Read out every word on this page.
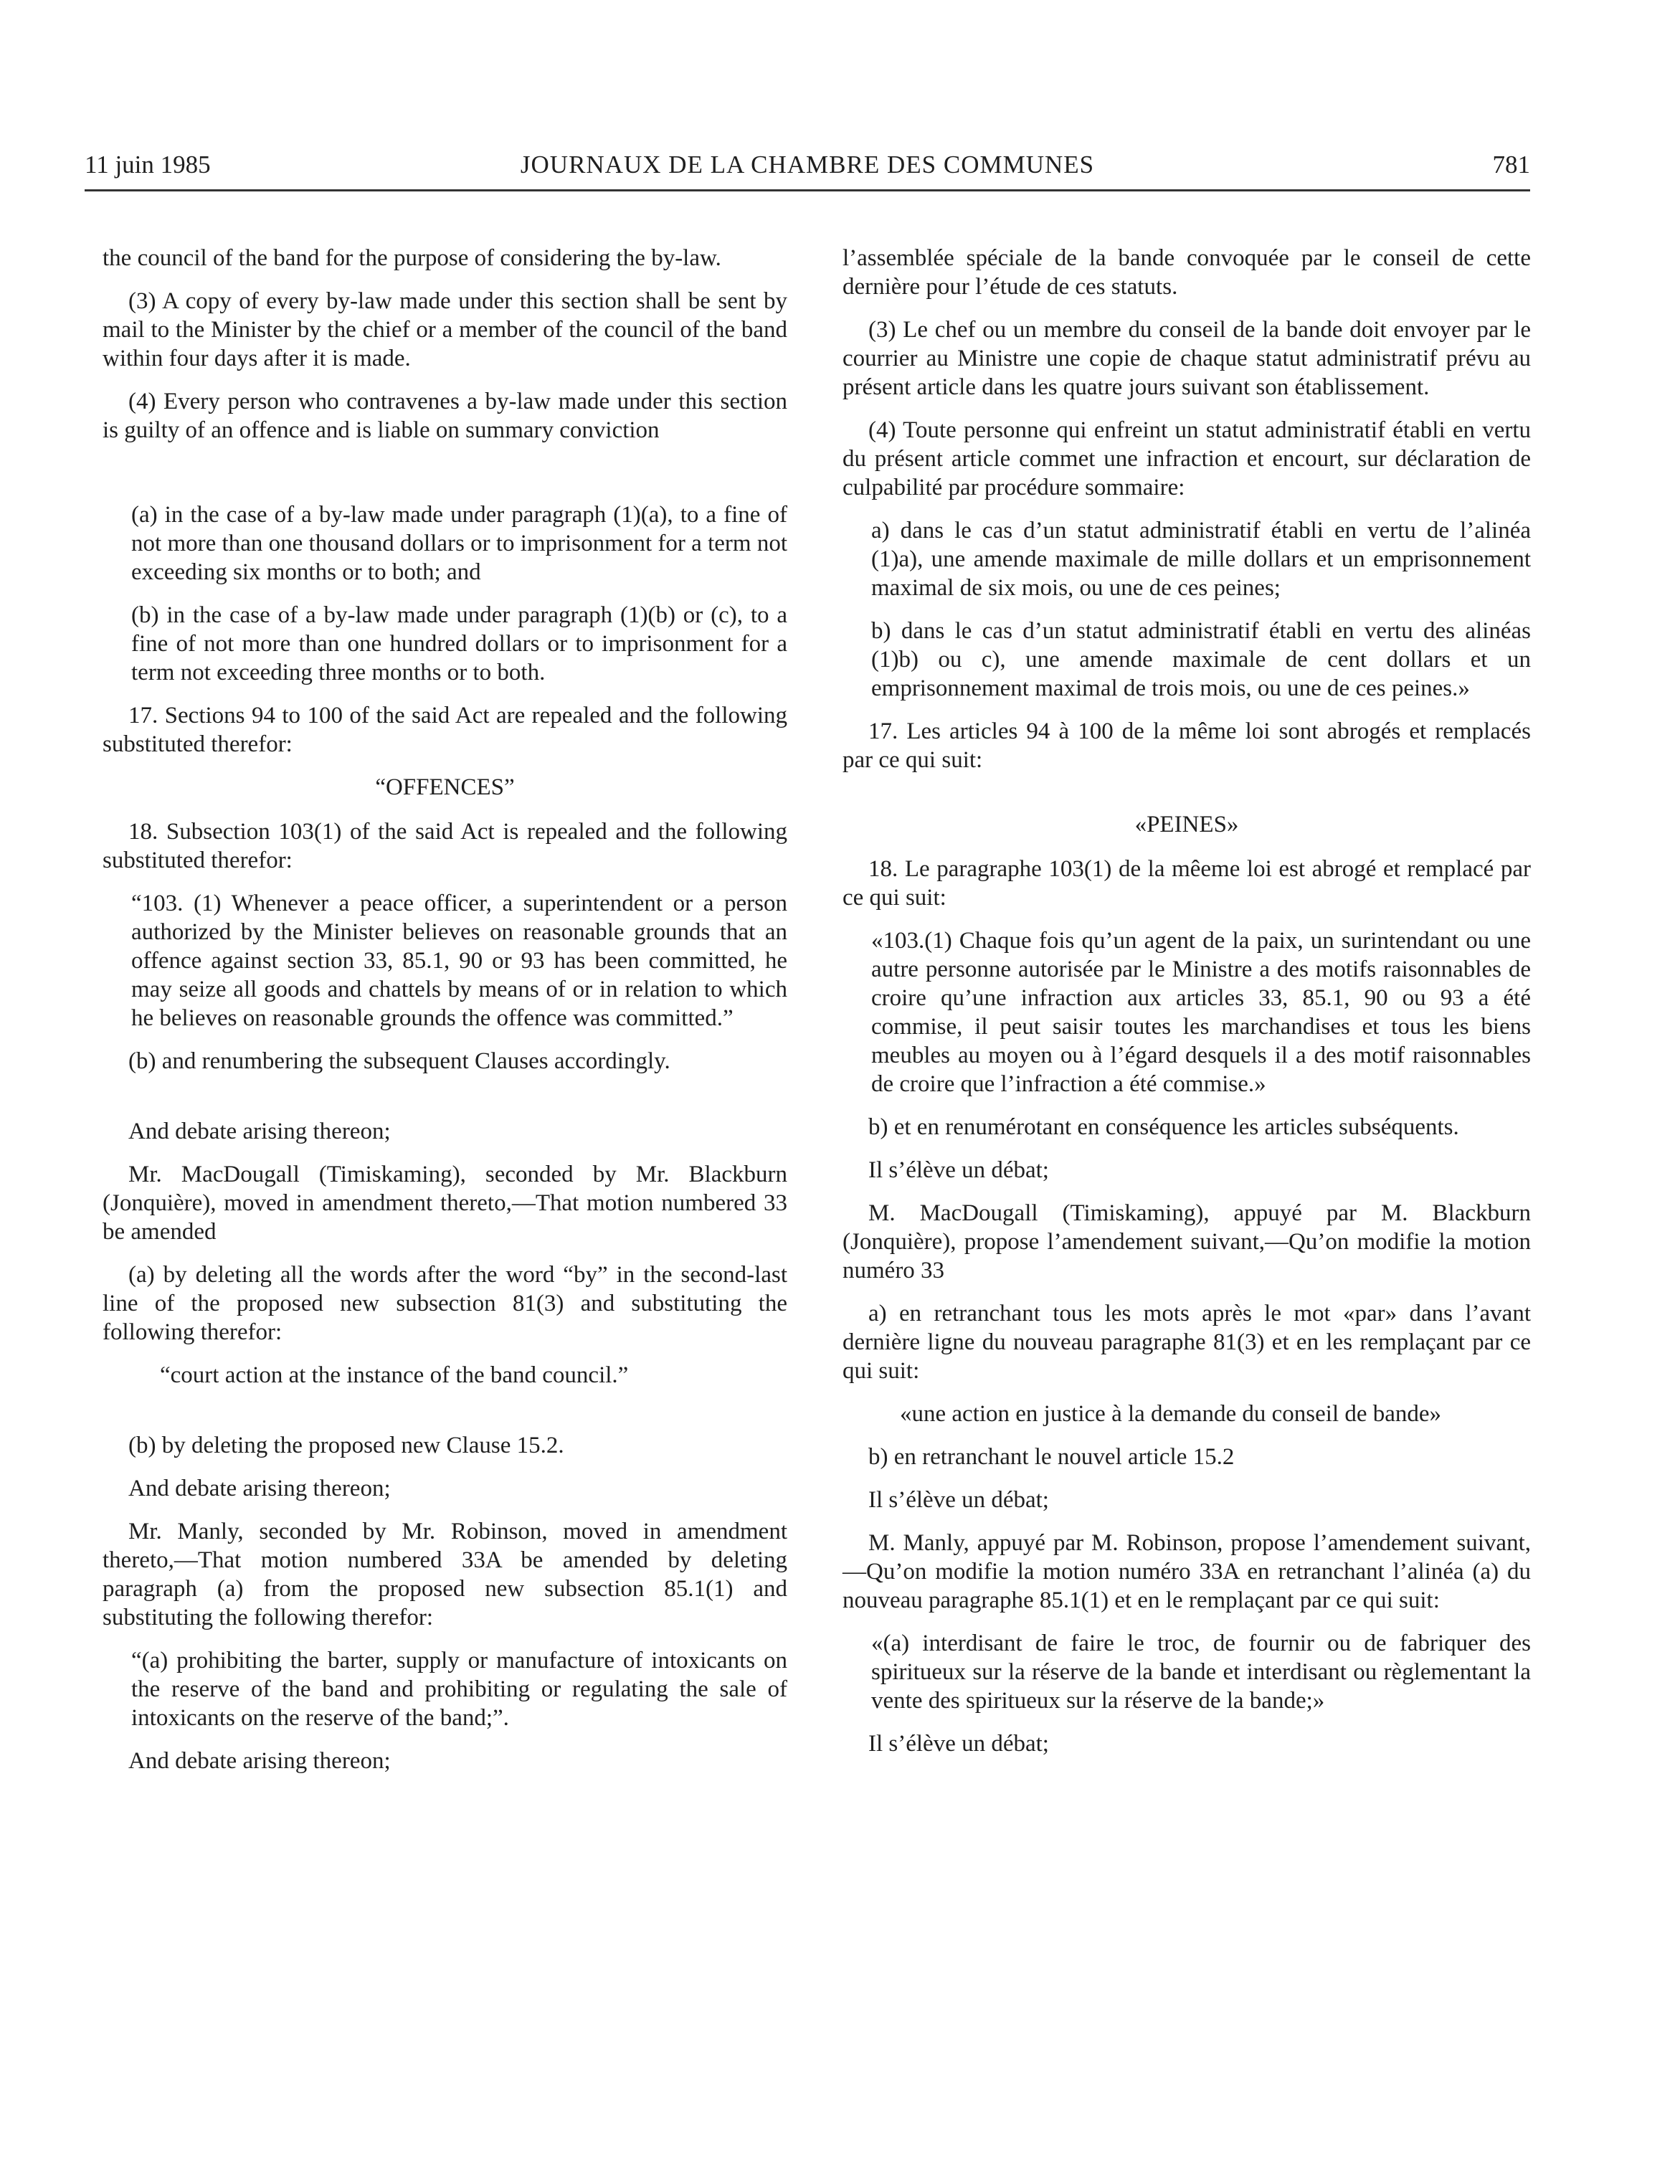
11 juin 1985	JOURNAUX DE LA CHAMBRE DES COMMUNES	781

the council of the band for the purpose of considering the by-law.

(3) A copy of every by-law made under this section shall be sent by mail to the Minister by the chief or a member of the council of the band within four days after it is made.

(4) Every person who contravenes a by-law made under this section is guilty of an offence and is liable on summary conviction

(a) in the case of a by-law made under paragraph (1)(a), to a fine of not more than one thousand dollars or to imprisonment for a term not exceeding six months or to both; and

(b) in the case of a by-law made under paragraph (1)(b) or (c), to a fine of not more than one hundred dollars or to imprisonment for a term not exceeding three months or to both.

17. Sections 94 to 100 of the said Act are repealed and the following substituted therefor:

“OFFENCES”

18. Subsection 103(1) of the said Act is repealed and the following substituted therefor:

“103. (1) Whenever a peace officer, a superintendent or a person authorized by the Minister believes on reasonable grounds that an offence against section 33, 85.1, 90 or 93 has been committed, he may seize all goods and chattels by means of or in relation to which he believes on reasonable grounds the offence was committed.”

(b) and renumbering the subsequent Clauses accordingly.

And debate arising thereon;

Mr. MacDougall (Timiskaming), seconded by Mr. Blackburn (Jonquière), moved in amendment thereto,—That motion numbered 33 be amended

(a) by deleting all the words after the word “by” in the second-last line of the proposed new subsection 81(3) and substituting the following therefor:

“court action at the instance of the band council.”

(b) by deleting the proposed new Clause 15.2.

And debate arising thereon;

Mr. Manly, seconded by Mr. Robinson, moved in amendment thereto,—That motion numbered 33A be amended by deleting paragraph (a) from the proposed new subsection 85.1(1) and substituting the following therefor:

“(a) prohibiting the barter, supply or manufacture of intoxicants on the reserve of the band and prohibiting or regulating the sale of intoxicants on the reserve of the band;”.

And debate arising thereon;

l’assemblée spéciale de la bande convoquée par le conseil de cette dernière pour l’étude de ces statuts.

(3) Le chef ou un membre du conseil de la bande doit envoyer par le courrier au Ministre une copie de chaque statut administratif prévu au présent article dans les quatre jours suivant son établissement.

(4) Toute personne qui enfreint un statut administratif établi en vertu du présent article commet une infraction et encourt, sur déclaration de culpabilité par procédure sommaire:

a) dans le cas d’un statut administratif établi en vertu de l’alinéa (1)a), une amende maximale de mille dollars et un emprisonnement maximal de six mois, ou une de ces peines;

b) dans le cas d’un statut administratif établi en vertu des alinéas (1)b) ou c), une amende maximale de cent dollars et un emprisonnement maximal de trois mois, ou une de ces peines.»

17. Les articles 94 à 100 de la même loi sont abrogés et remplacés par ce qui suit:

«PEINES»

18. Le paragraphe 103(1) de la mêeme loi est abrogé et remplacé par ce qui suit:

«103.(1) Chaque fois qu’un agent de la paix, un surintendant ou une autre personne autorisée par le Ministre a des motifs raisonnables de croire qu’une infraction aux articles 33, 85.1, 90 ou 93 a été commise, il peut saisir toutes les marchandises et tous les biens meubles au moyen ou à l’égard desquels il a des motif raisonnables de croire que l’infraction a été commise.»

b) et en renumérotant en conséquence les articles subséquents.

Il s’élève un débat;

M. MacDougall (Timiskaming), appuyé par M. Blackburn (Jonquière), propose l’amendement suivant,—Qu’on modifie la motion numéro 33

a) en retranchant tous les mots après le mot «par» dans l’avant dernière ligne du nouveau paragraphe 81(3) et en les remplaçant par ce qui suit:

«une action en justice à la demande du conseil de bande»

b) en retranchant le nouvel article 15.2

Il s’élève un débat;

M. Manly, appuyé par M. Robinson, propose l’amendement suivant,—Qu’on modifie la motion numéro 33A en retranchant l’alinéa (a) du nouveau paragraphe 85.1(1) et en le remplaçant par ce qui suit:

«(a) interdisant de faire le troc, de fournir ou de fabriquer des spiritueux sur la réserve de la bande et interdisant ou règlementant la vente des spiritueux sur la réserve de la bande;»

Il s’élève un débat;
